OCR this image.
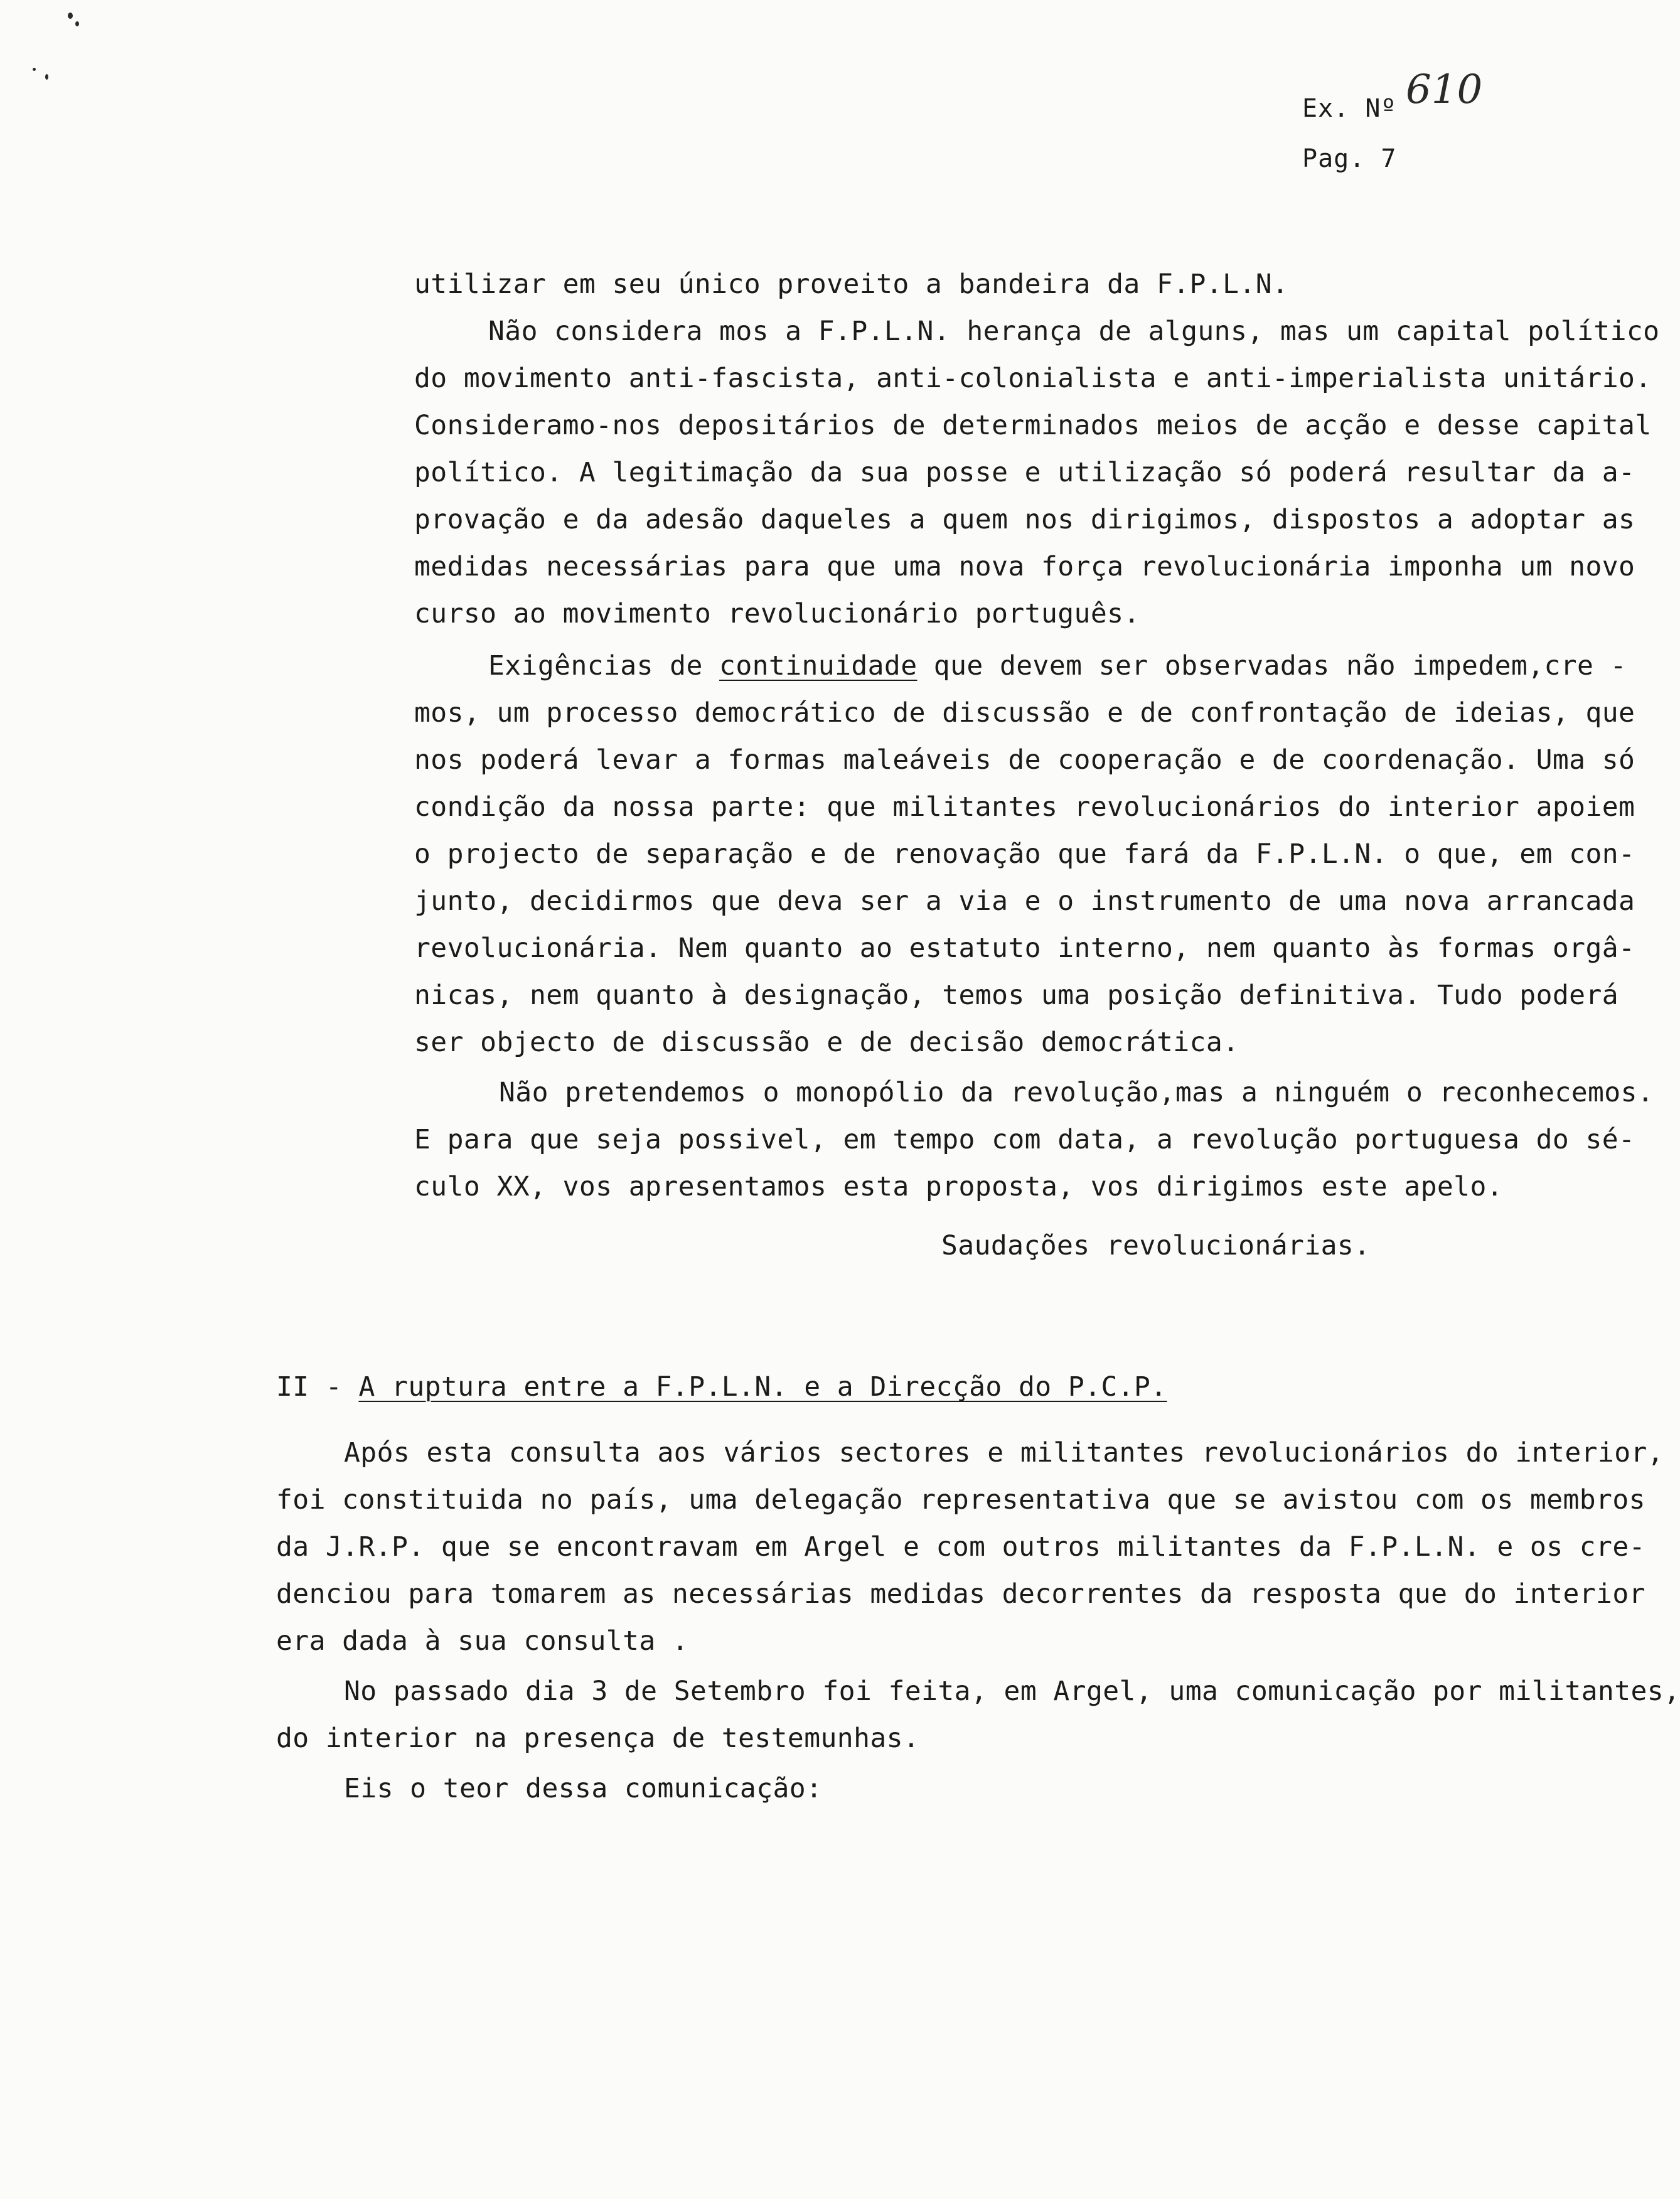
Ex. Nº 610
Pag. 7
utilizar em seu único proveito a bandeira da F.P.L.N.
Não considera mos a F.P.L.N. herança de alguns, mas um capital político
do movimento anti-fascista, anti-colonialista e anti-imperialista unitário.
Consideramo-nos depositários de determinados meios de acção e desse capital
político. A legitimação da sua posse e utilização só poderá resultar da a-
provação e da adesão daqueles a quem nos dirigimos, dispostos a adoptar as
medidas necessárias para que uma nova força revolucionária imponha um novo
curso ao movimento revolucionário português.
Exigências de continuidade que devem ser observadas não impedem,cre -
mos, um processo democrático de discussão e de confrontação de ideias, que
nos poderá levar a formas maleáveis de cooperação e de coordenação. Uma só
condição da nossa parte: que militantes revolucionários do interior apoiem
o projecto de separação e de renovação que fará da F.P.L.N. o que, em con-
junto, decidirmos que deva ser a via e o instrumento de uma nova arrancada
revolucionária. Nem quanto ao estatuto interno, nem quanto às formas orgâ-
nicas, nem quanto à designação, temos uma posição definitiva. Tudo poderá
ser objecto de discussão e de decisão democrática.
Não pretendemos o monopólio da revolução,mas a ninguém o reconhecemos.
E para que seja possivel, em tempo com data, a revolução portuguesa do sé-
culo XX, vos apresentamos esta proposta, vos dirigimos este apelo.
Saudações revolucionárias.
II - A ruptura entre a F.P.L.N. e a Direcção do P.C.P.
Após esta consulta aos vários sectores e militantes revolucionários do interior,
foi constituida no país, uma delegação representativa que se avistou com os membros
da J.R.P. que se encontravam em Argel e com outros militantes da F.P.L.N. e os cre-
denciou para tomarem as necessárias medidas decorrentes da resposta que do interior
era dada à sua consulta .
No passado dia 3 de Setembro foi feita, em Argel, uma comunicação por militantes,
do interior na presença de testemunhas.
Eis o teor dessa comunicação:
